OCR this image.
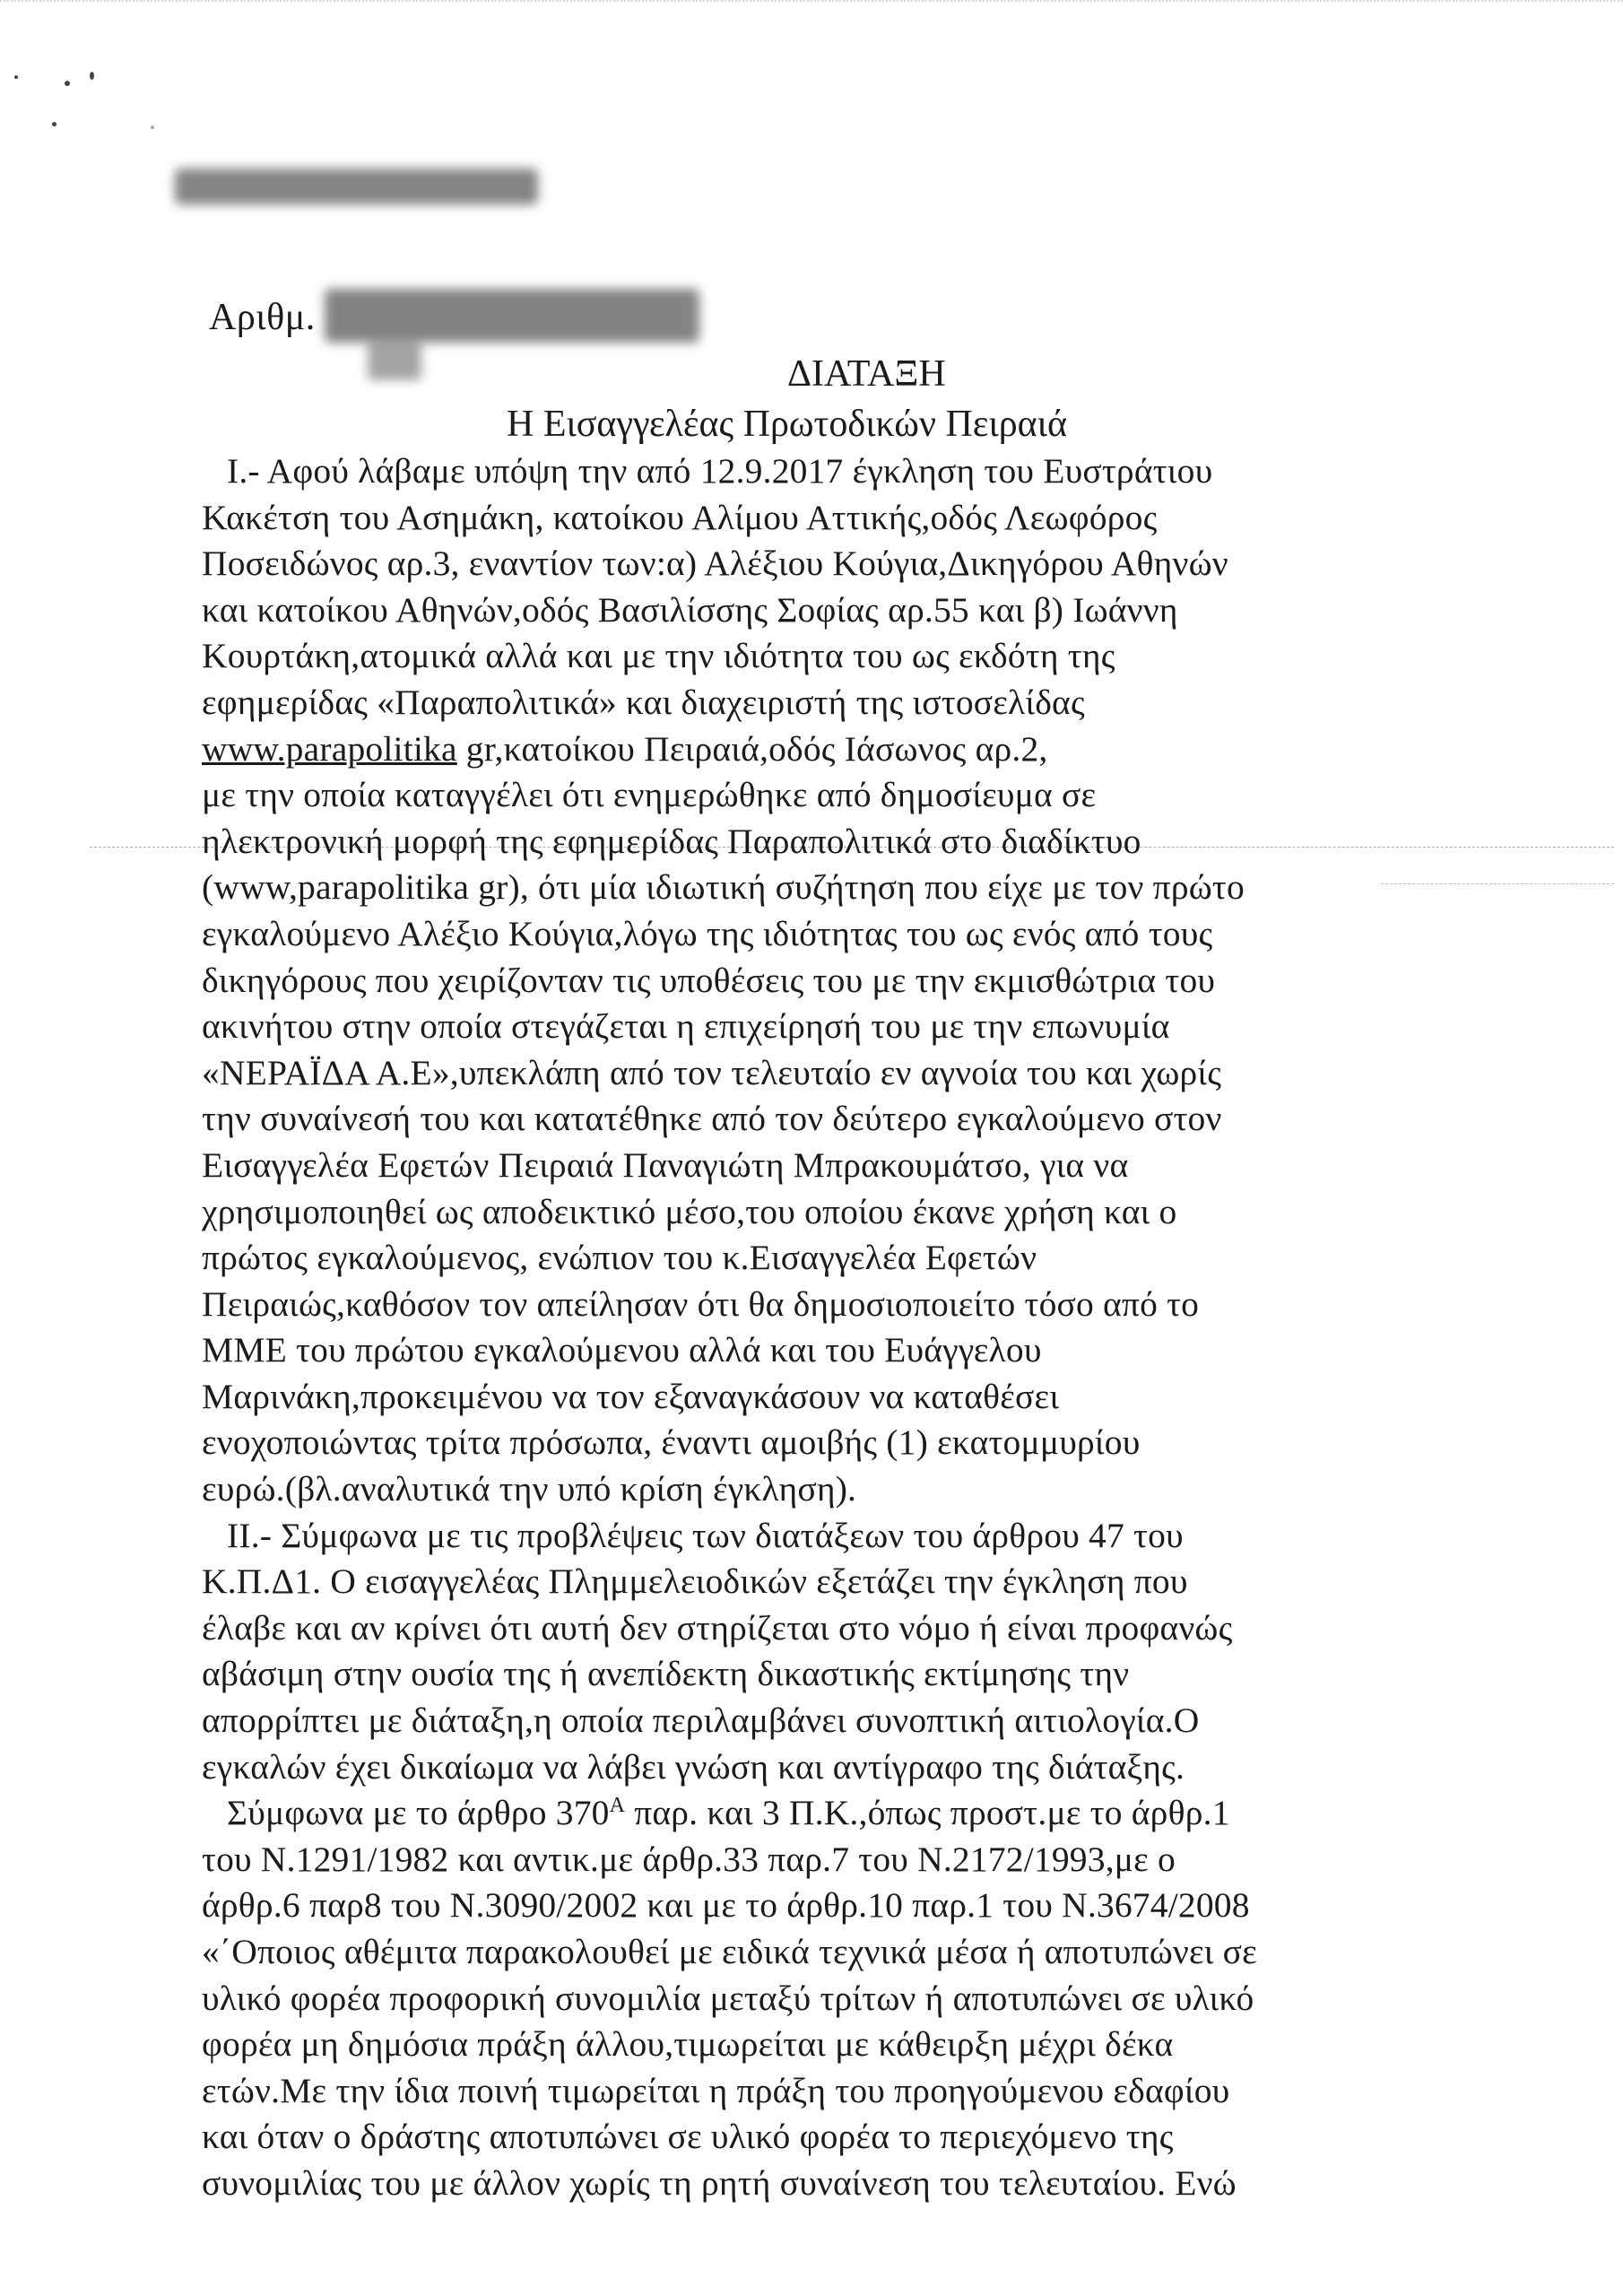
Αριθμ.
ΔΙΑΤΑΞΗ
Η Εισαγγελέας Πρωτοδικών Πειραιά
Ι.- Αφού λάβαμε υπόψη την από 12.9.2017 έγκληση του Ευστράτιου
Κακέτση του Ασημάκη, κατοίκου Αλίμου Αττικής,οδός Λεωφόρος
Ποσειδώνος αρ.3, εναντίον των:α) Αλέξιου Κούγια,Δικηγόρου Αθηνών
και κατοίκου Αθηνών,οδός Βασιλίσσης Σοφίας αρ.55 και β) Ιωάννη
Κουρτάκη,ατομικά αλλά και με την ιδιότητα του ως εκδότη της
εφημερίδας «Παραπολιτικά» και διαχειριστή της ιστοσελίδας
www.parapolitika gr,κατοίκου Πειραιά,οδός Ιάσωνος αρ.2,
με την οποία καταγγέλει ότι ενημερώθηκε από δημοσίευμα σε
ηλεκτρονική μορφή της εφημερίδας Παραπολιτικά στο διαδίκτυο
(www,parapolitika gr), ότι μία ιδιωτική συζήτηση που είχε με τον πρώτο
εγκαλούμενο Αλέξιο Κούγια,λόγω της ιδιότητας του ως ενός από τους
δικηγόρους που χειρίζονταν τις υποθέσεις του με την εκμισθώτρια του
ακινήτου στην οποία στεγάζεται η επιχείρησή του με την επωνυμία
«ΝΕΡΑΪΔΑ Α.Ε»,υπεκλάπη από τον τελευταίο εν αγνοία του και χωρίς
την συναίνεσή του και κατατέθηκε από τον δεύτερο εγκαλούμενο στον
Εισαγγελέα Εφετών Πειραιά Παναγιώτη Μπρακουμάτσο, για να
χρησιμοποιηθεί ως αποδεικτικό μέσο,του οποίου έκανε χρήση και ο
πρώτος εγκαλούμενος, ενώπιον του κ.Εισαγγελέα Εφετών
Πειραιώς,καθόσον τον απείλησαν ότι θα δημοσιοποιείτο τόσο από το
ΜΜΕ του πρώτου εγκαλούμενου αλλά και του Ευάγγελου
Μαρινάκη,προκειμένου να τον εξαναγκάσουν να καταθέσει
ενοχοποιώντας τρίτα πρόσωπα, έναντι αμοιβής (1) εκατομμυρίου
ευρώ.(βλ.αναλυτικά την υπό κρίση έγκληση).
ΙΙ.- Σύμφωνα με τις προβλέψεις των διατάξεων του άρθρου 47 του
Κ.Π.Δ1. Ο εισαγγελέας Πλημμελειοδικών εξετάζει την έγκληση που
έλαβε και αν κρίνει ότι αυτή δεν στηρίζεται στο νόμο ή είναι προφανώς
αβάσιμη στην ουσία της ή ανεπίδεκτη δικαστικής εκτίμησης την
απορρίπτει με διάταξη,η οποία περιλαμβάνει συνοπτική αιτιολογία.Ο
εγκαλών έχει δικαίωμα να λάβει γνώση και αντίγραφο της διάταξης.
Σύμφωνα με το άρθρο $370^A$ παρ. και 3 Π.Κ.,όπως προστ.με το άρθρ.1
του Ν.1291/1982 και αντικ.με άρθρ.33 παρ.7 του Ν.2172/1993,με ο
άρθρ.6 παρ8 του Ν.3090/2002 και με το άρθρ.10 παρ.1 του Ν.3674/2008
«΄Οποιος αθέμιτα παρακολουθεί με ειδικά τεχνικά μέσα ή αποτυπώνει σε
υλικό φορέα προφορική συνομιλία μεταξύ τρίτων ή αποτυπώνει σε υλικό
φορέα μη δημόσια πράξη άλλου,τιμωρείται με κάθειρξη μέχρι δέκα
ετών.Με την ίδια ποινή τιμωρείται η πράξη του προηγούμενου εδαφίου
και όταν ο δράστης αποτυπώνει σε υλικό φορέα το περιεχόμενο της
συνομιλίας του με άλλον χωρίς τη ρητή συναίνεση του τελευταίου. Ενώ
